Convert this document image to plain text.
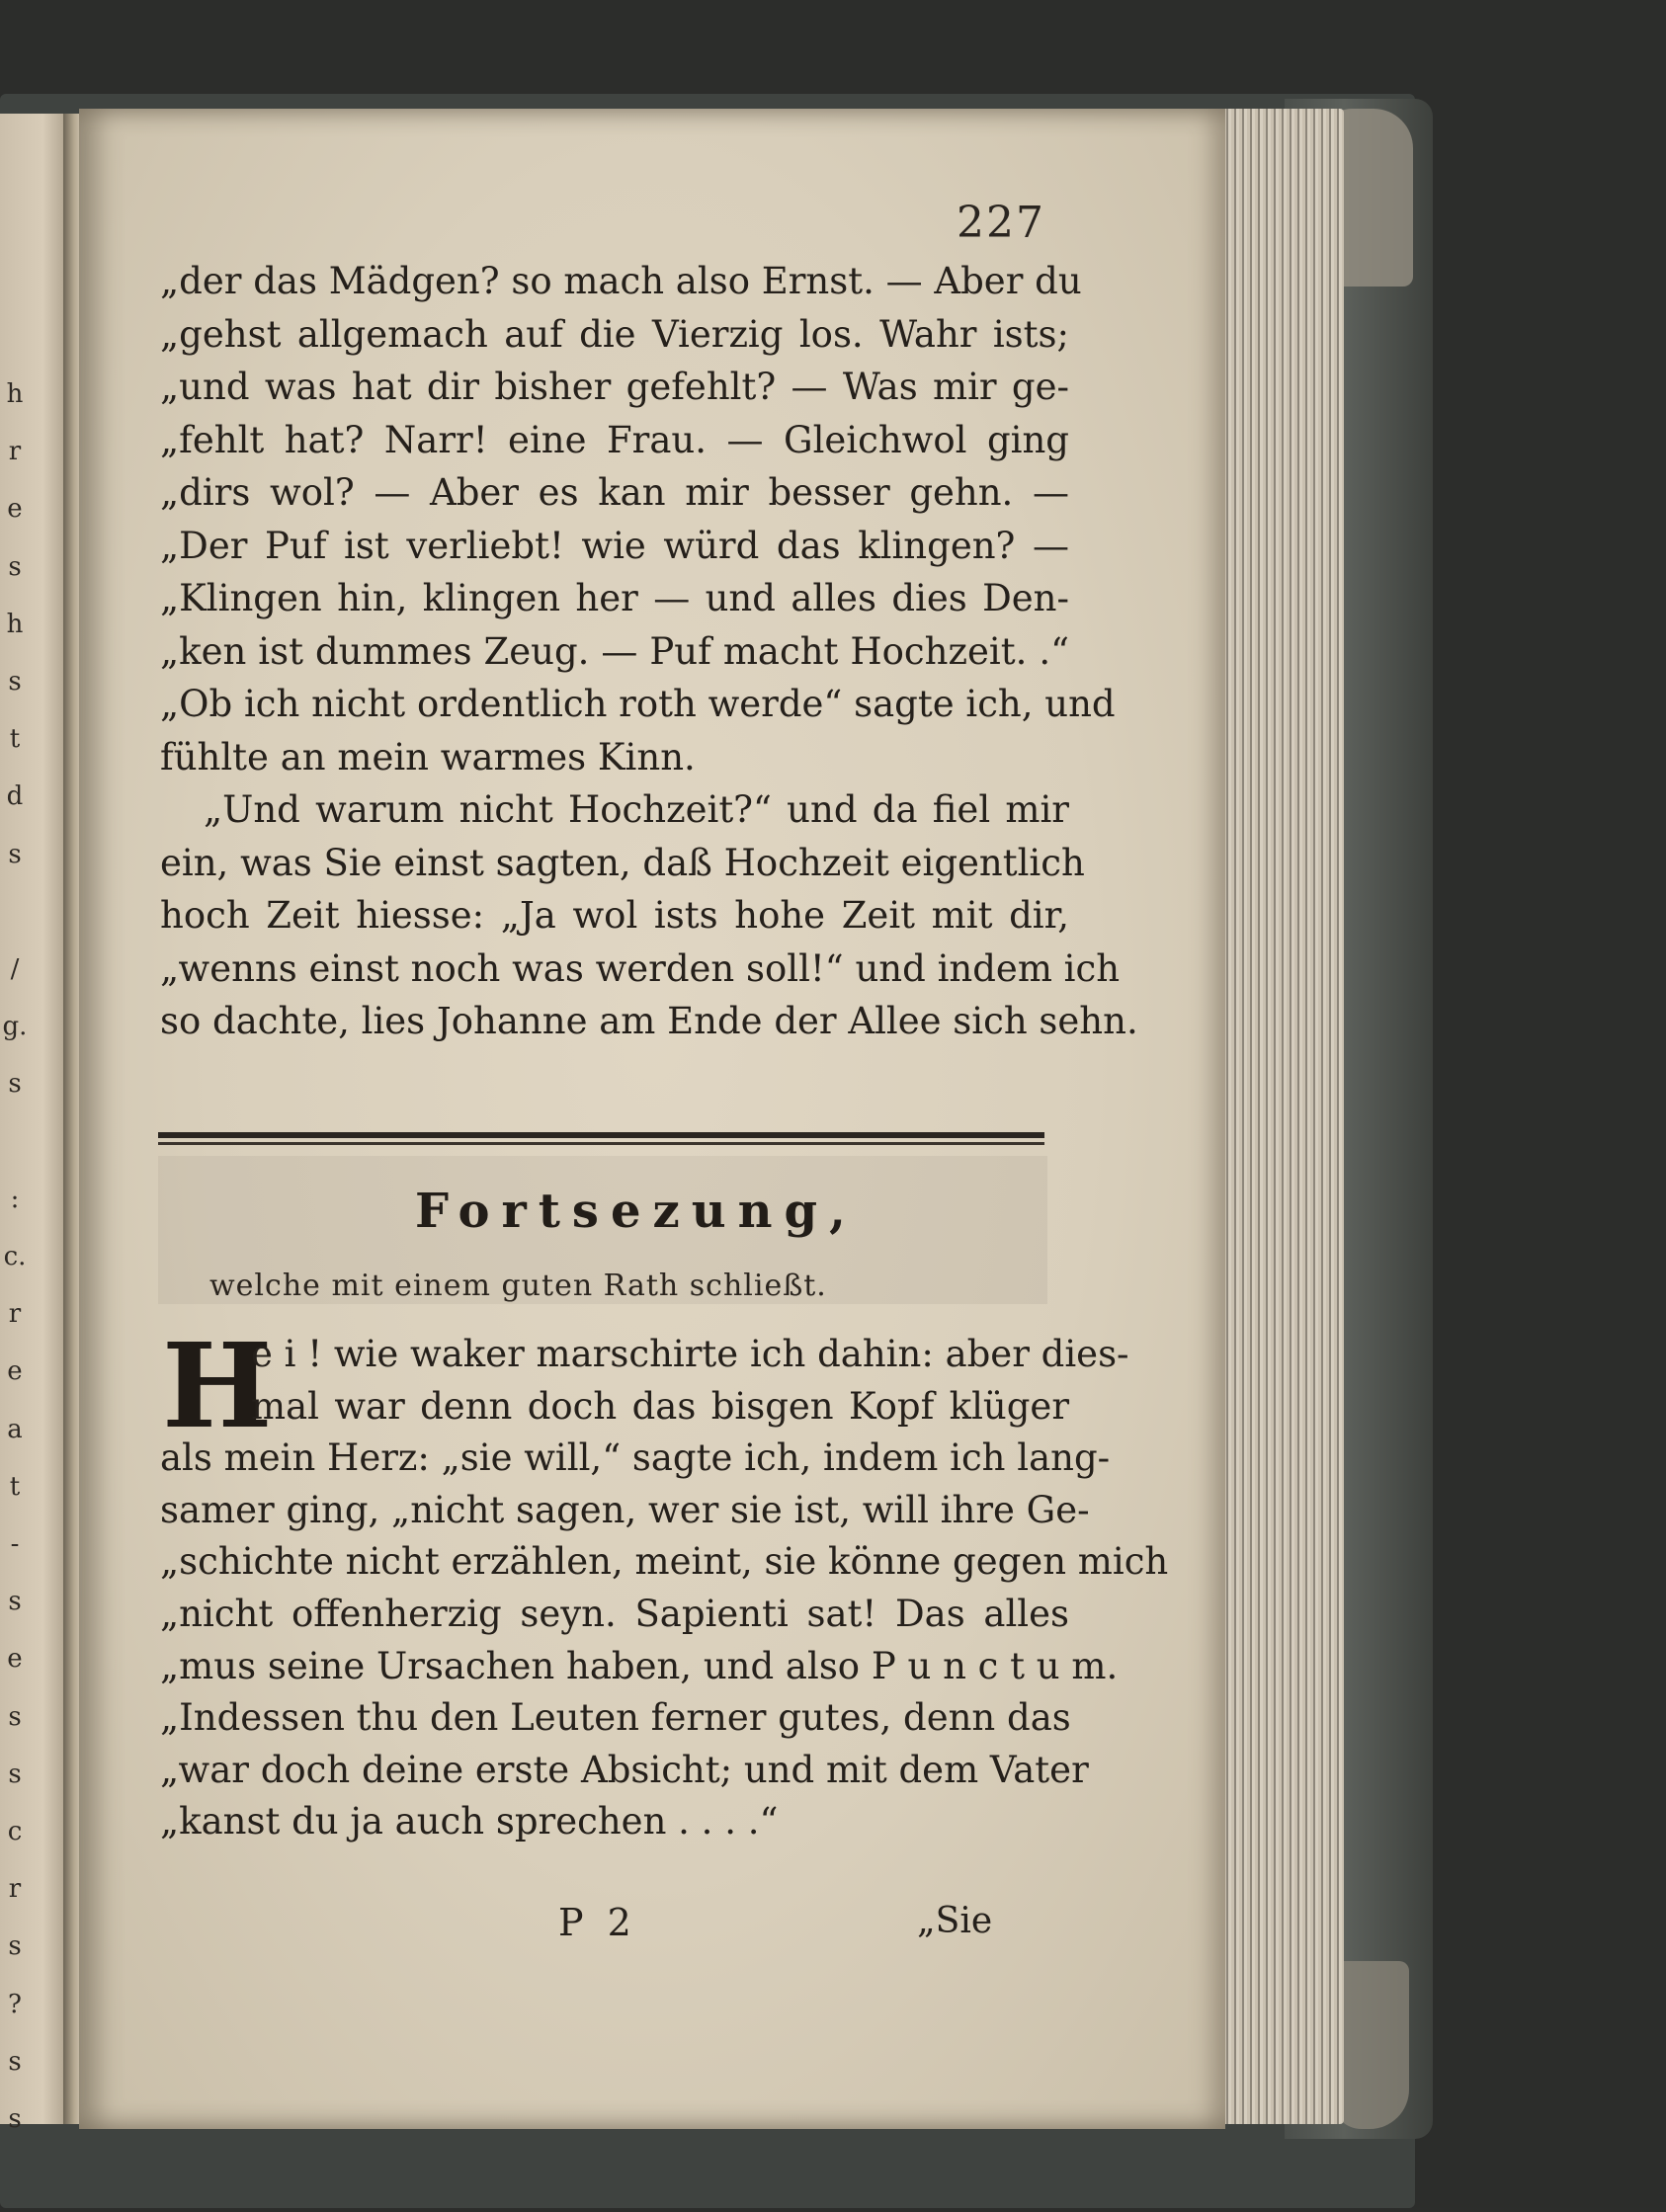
h
r
e
s
h
s
t
d
s

/
g.
s

:
c.
r
e
a
t
-
s
e
s
s
c
r
s
?
s
s
227
„der das Mädgen? so mach also Ernst. — Aber du
„gehst allgemach auf die Vierzig los. Wahr ists;
„und was hat dir bisher gefehlt? — Was mir ge-
„fehlt hat? Narr! eine Frau. — Gleichwol ging
„dirs wol? — Aber es kan mir besser gehn. —
„Der Puf ist verliebt! wie würd das klingen? —
„Klingen hin, klingen her — und alles dies Den-
„ken ist dummes Zeug. — Puf macht Hochzeit. .“
„Ob ich nicht ordentlich roth werde“ sagte ich, und
fühlte an mein warmes Kinn.
„Und warum nicht Hochzeit?“ und da fiel mir
ein, was Sie einst sagten, daß Hochzeit eigentlich
hoch Zeit hiesse: „Ja wol ists hohe Zeit mit dir,
„wenns einst noch was werden soll!“ und indem ich
so dachte, lies Johanne am Ende der Allee sich sehn.
Fortsezung,
welche mit einem guten Rath schließt.
H
e i ! wie waker marschirte ich dahin: aber dies-
mal war denn doch das bisgen Kopf klüger
als mein Herz: „sie will,“ sagte ich, indem ich lang-
samer ging, „nicht sagen, wer sie ist, will ihre Ge-
„schichte nicht erzählen, meint, sie könne gegen mich
„nicht offenherzig seyn. Sapienti sat! Das alles
„mus seine Ursachen haben, und also P u n c t u m.
„Indessen thu den Leuten ferner gutes, denn das
„war doch deine erste Absicht; und mit dem Vater
„kanst du ja auch sprechen . . . .“
P 2	„Sie
